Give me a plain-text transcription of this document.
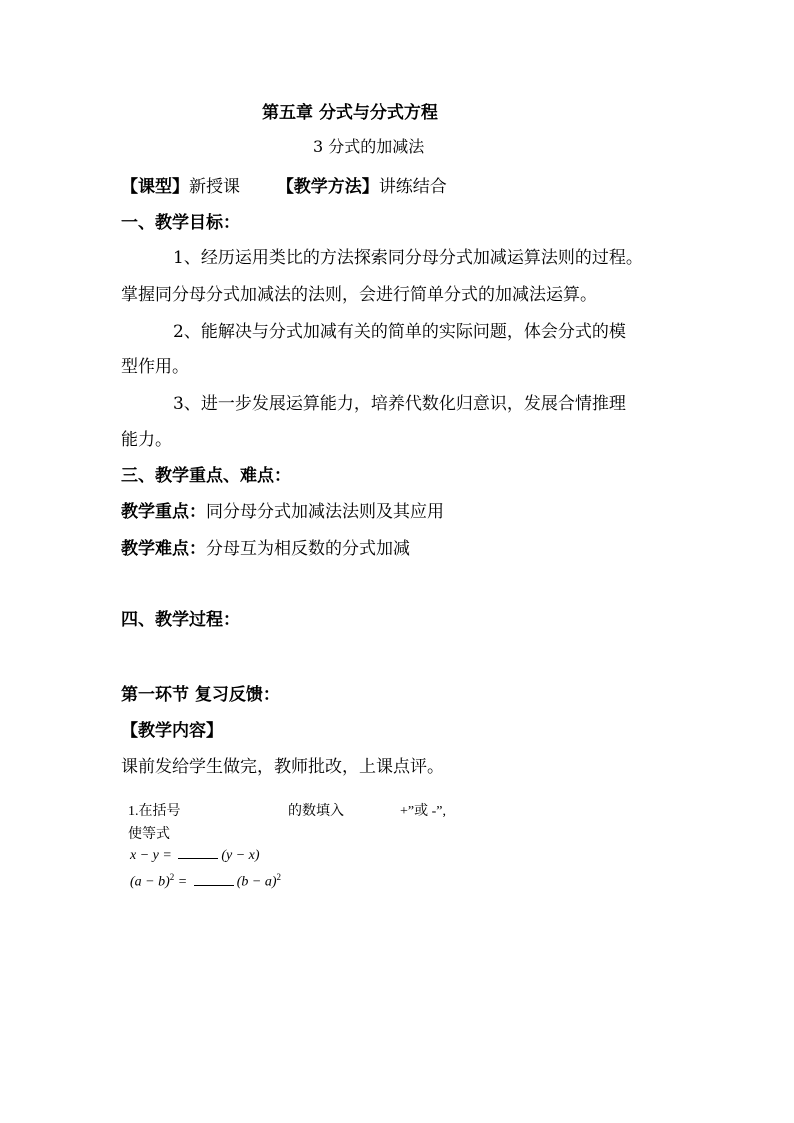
第五章 分式与分式方程
3 分式的加减法
【课型】新授课 【教学方法】讲练结合
一、教学目标：
1、经历运用类比的方法探索同分母分式加减运算法则的过程。
掌握同分母分式加减法的法则，会进行简单分式的加减法运算。
2、能解决与分式加减有关的简单的实际问题，体会分式的模
型作用。
3、进一步发展运算能力，培养代数化归意识，发展合情推理
能力。
三、教学重点、难点：
教学重点：同分母分式加减法法则及其应用
教学难点：分母互为相反数的分式加减
四、教学过程：
第一环节 复习反馈：
【教学内容】
课前发给学生做完，教师批改，上课点评。
1.在括号	的数填入	+”或 -”,
使等式
x − y =	(y − x)
$(a - b)^2$ =	$(b - a)^2$
